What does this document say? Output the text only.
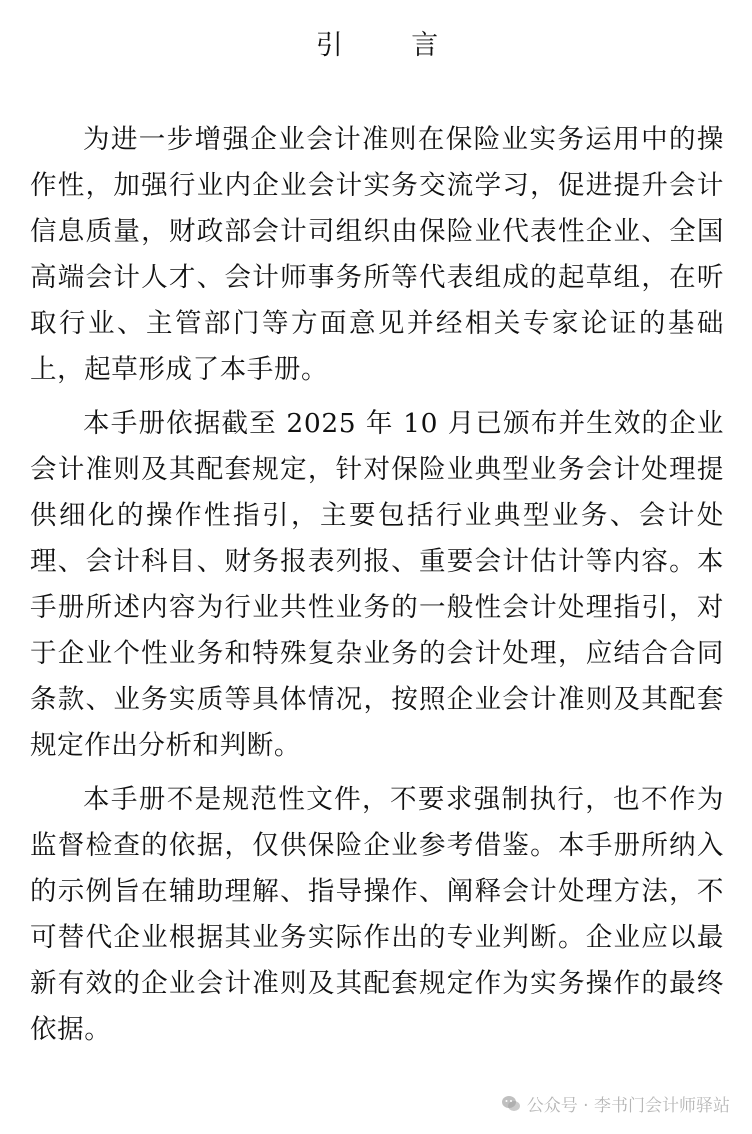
引 言

为进一步增强企业会计准则在保险业实务运用中的操作性，加强行业内企业会计实务交流学习，促进提升会计信息质量，财政部会计司组织由保险业代表性企业、全国高端会计人才、会计师事务所等代表组成的起草组，在听取行业、主管部门等方面意见并经相关专家论证的基础上，起草形成了本手册。

本手册依据截至 2025 年 10 月已颁布并生效的企业会计准则及其配套规定，针对保险业典型业务会计处理提供细化的操作性指引，主要包括行业典型业务、会计处理、会计科目、财务报表列报、重要会计估计等内容。本手册所述内容为行业共性业务的一般性会计处理指引，对于企业个性业务和特殊复杂业务的会计处理，应结合合同条款、业务实质等具体情况，按照企业会计准则及其配套规定作出分析和判断。

本手册不是规范性文件，不要求强制执行，也不作为监督检查的依据，仅供保险企业参考借鉴。本手册所纳入的示例旨在辅助理解、指导操作、阐释会计处理方法，不可替代企业根据其业务实际作出的专业判断。企业应以最新有效的企业会计准则及其配套规定作为实务操作的最终依据。

公众号 · 李书门会计师驿站
